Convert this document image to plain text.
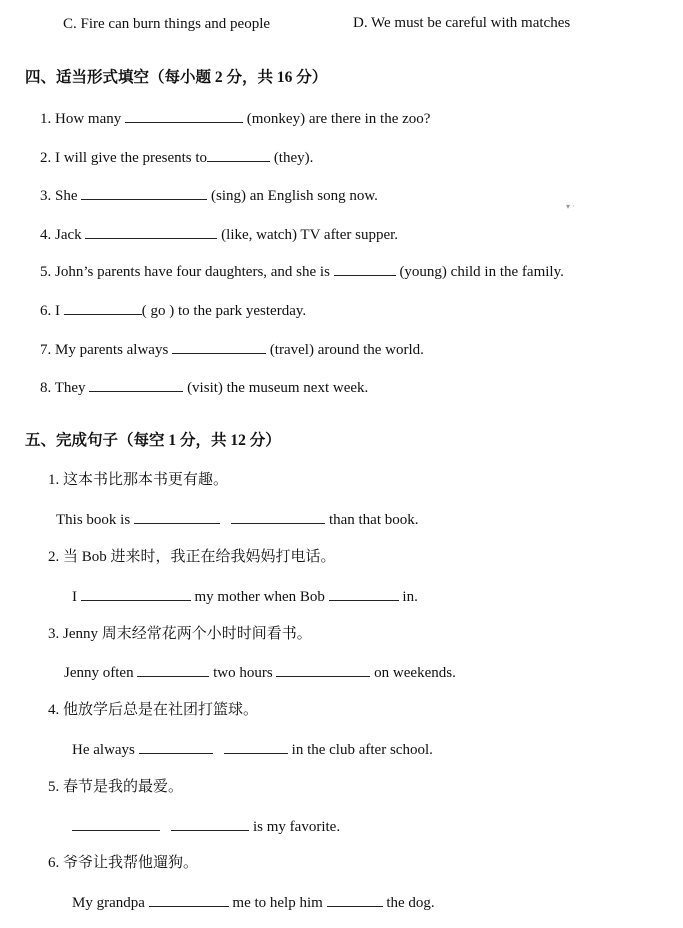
C. Fire can burn things and people	D. We must be careful with matches
四、适当形式填空（每小题 2 分，共 16 分）
1. How many	(monkey) are there in the zoo?
2. I will give the presents to	(they).
3. She	(sing) an English song now.
4. Jack	(like, watch) TV after supper.
5. John’s parents have four daughters, and she is	(young) child in the family.
6. I	( go ) to the park yesterday.
7. My parents always	(travel) around the world.
8. They	(visit) the museum next week.
▾ ·
五、完成句子（每空 1 分，共 12 分）
1. 这本书比那本书更有趣。
This book is	than that book.
2. 当 Bob 进来时，我正在给我妈妈打电话。
I	my mother when Bob	in.
3. Jenny 周末经常花两个小时时间看书。
Jenny often	two hours	on weekends.
4. 他放学后总是在社团打篮球。
He always	in the club after school.
5. 春节是我的最爱。
is my favorite.
6. 爷爷让我帮他遛狗。
My grandpa	me to help him	the dog.
